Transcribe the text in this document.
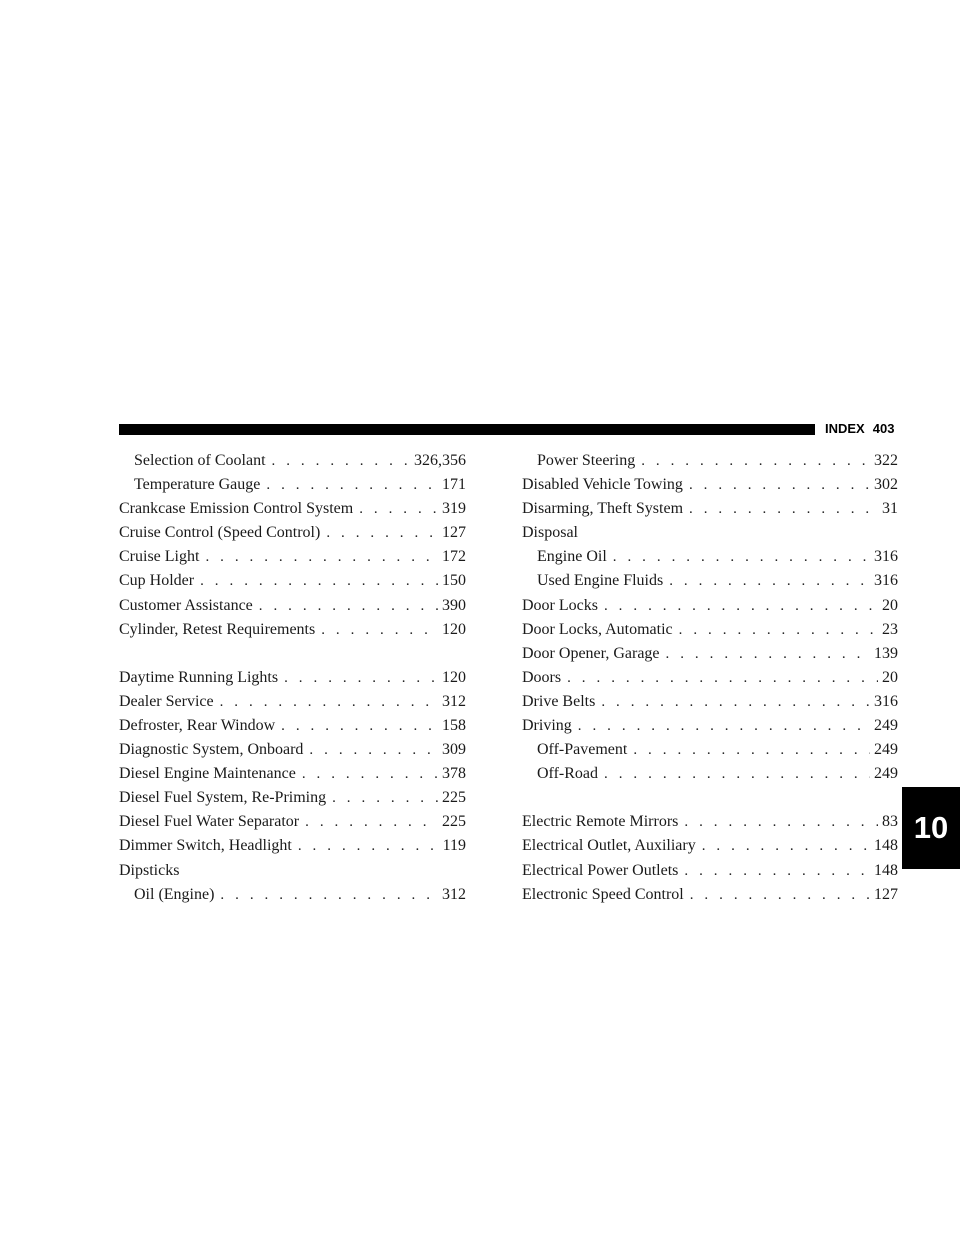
INDEX 403
Selection of Coolant . . .	326,356
Temperature Gauge . . .	171
Crankcase Emission Control System . . .	319
Cruise Control (Speed Control) . . .	127
Cruise Light . . .	172
Cup Holder . . .	150
Customer Assistance . . .	390
Cylinder, Retest Requirements . . .	120
Daytime Running Lights . . .	120
Dealer Service . . .	312
Defroster, Rear Window . . .	158
Diagnostic System, Onboard . . .	309
Diesel Engine Maintenance . . .	378
Diesel Fuel System, Re-Priming . . .	225
Diesel Fuel Water Separator . . .	225
Dimmer Switch, Headlight . . .	119
Dipsticks
Oil (Engine) . . .	312
Power Steering . . .	322
Disabled Vehicle Towing . . .	302
Disarming, Theft System . . .	31
Disposal
Engine Oil . . .	316
Used Engine Fluids . . .	316
Door Locks . . .	20
Door Locks, Automatic . . .	23
Door Opener, Garage . . .	139
Doors . . .	20
Drive Belts . . .	316
Driving . . .	249
Off-Pavement . . .	249
Off-Road . . .	249
Electric Remote Mirrors . . .	83
Electrical Outlet, Auxiliary . . .	148
Electrical Power Outlets . . .	148
Electronic Speed Control . . .	127
10
